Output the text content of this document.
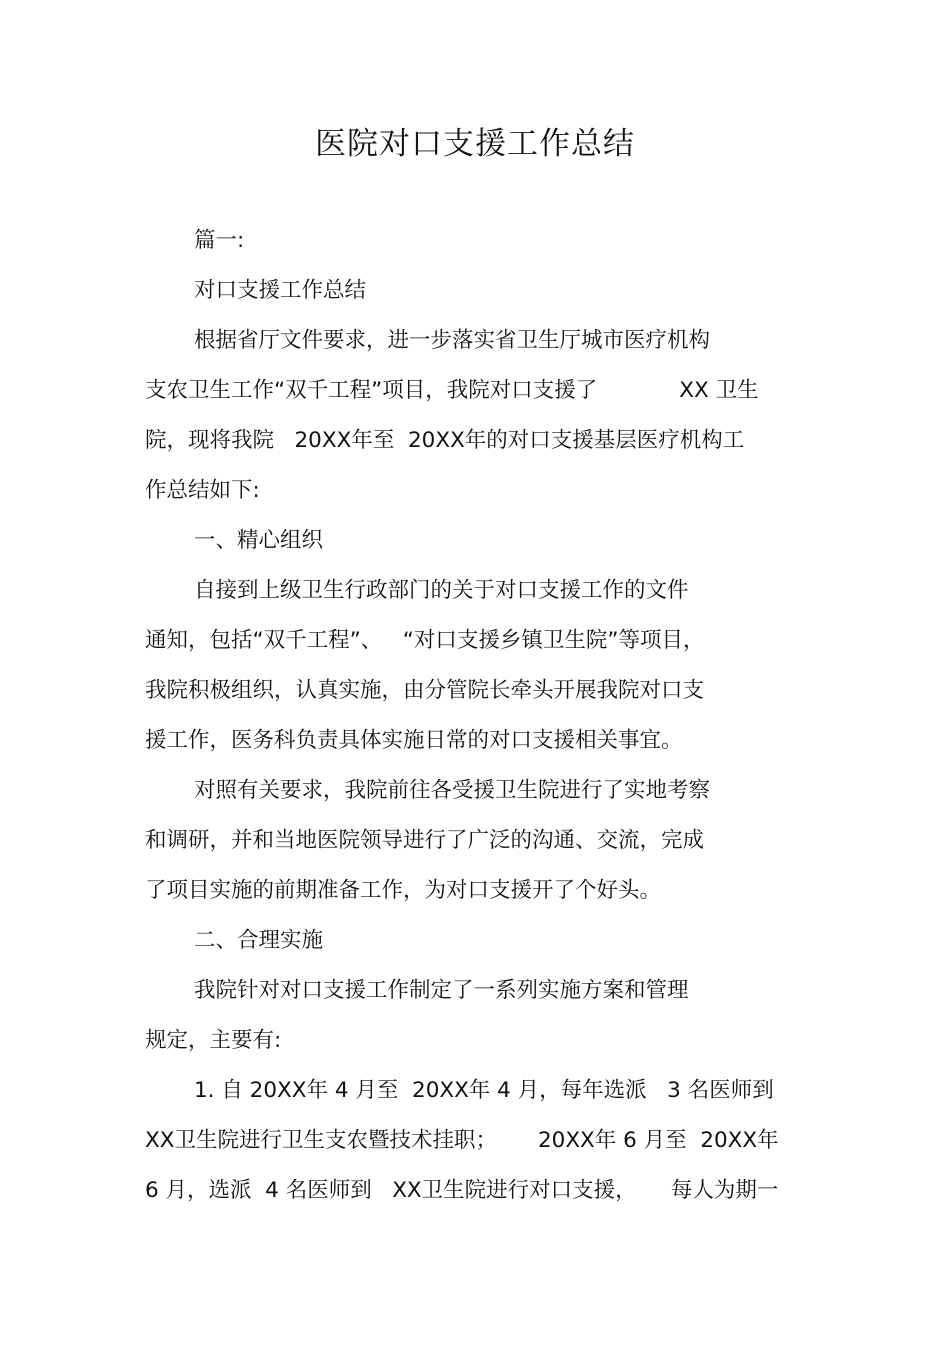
医院对口支援工作总结
篇一:
对口支援工作总结
根据省厅文件要求，进一步落实省卫生厅城市医疗机构
支农卫生工作“双千工程”项目，我院对口支援了            XX 卫生
院，现将我院   20XX年至  20XX年的对口支援基层医疗机构工
作总结如下:
一、精心组织
自接到上级卫生行政部门的关于对口支援工作的文件
通知，包括“双千工程”、   “对口支援乡镇卫生院”等项目，
我院积极组织，认真实施，由分管院长牵头开展我院对口支
援工作，医务科负责具体实施日常的对口支援相关事宜。
对照有关要求，我院前往各受援卫生院进行了实地考察
和调研，并和当地医院领导进行了广泛的沟通、交流，完成
了项目实施的前期准备工作，为对口支援开了个好头。
二、合理实施
我院针对对口支援工作制定了一系列实施方案和管理
规定，主要有:
1. 自 20XX年 4 月至  20XX年 4 月，每年选派   3 名医师到
XX卫生院进行卫生支农暨技术挂职；      20XX年 6 月至  20XX年
6 月，选派  4 名医师到   XX卫生院进行对口支援，     每人为期一
